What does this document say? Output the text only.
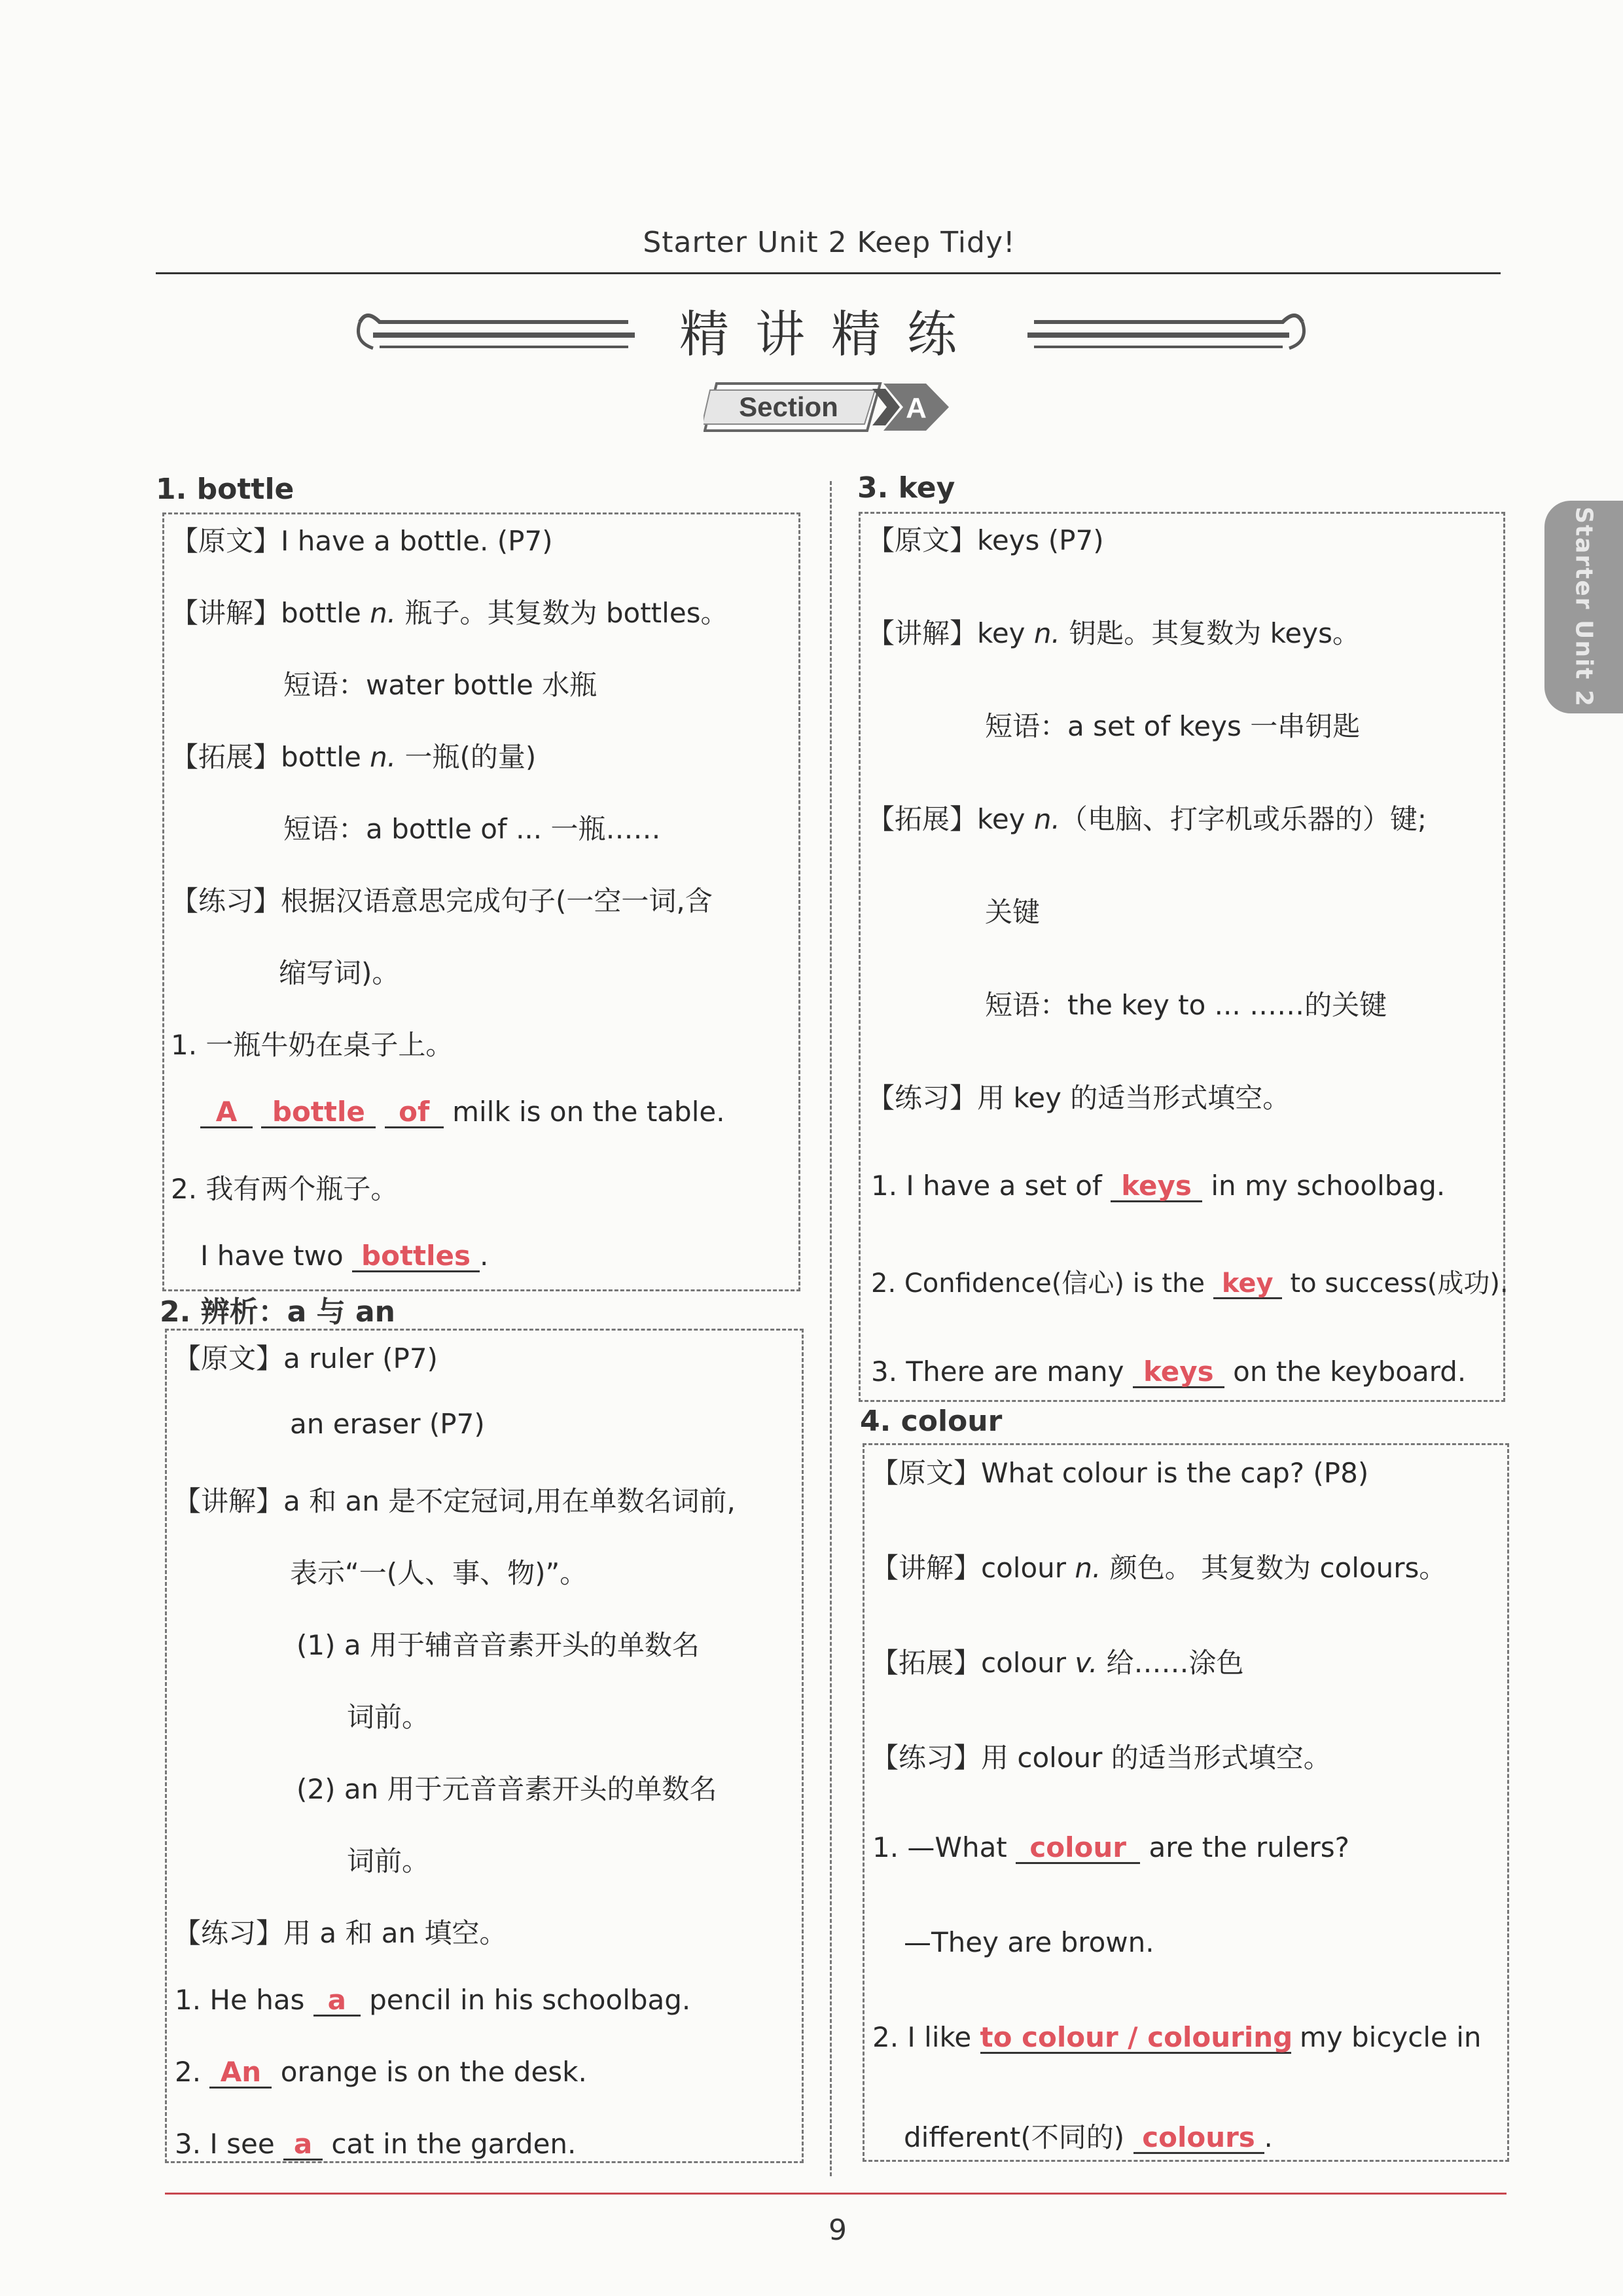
Starter Unit 2 Keep Tidy!
精讲精练
Section A
Starter Unit 2
1. bottle
【原文】I have a bottle. (P7)
【讲解】bottle n. 瓶子。其复数为 bottles。
短语：water bottle 水瓶
【拓展】bottle n. 一瓶(的量)
短语：a bottle of ... 一瓶……
【练习】根据汉语意思完成句子(一空一词,含
缩写词)。
1. 一瓶牛奶在桌子上。
A bottle of milk is on the table.
2. 我有两个瓶子。
I have two bottles .
2. 辨析：a 与 an
【原文】a ruler (P7)
an eraser (P7)
【讲解】a 和 an 是不定冠词,用在单数名词前,
表示“一(人、事、物)”。
(1) a 用于辅音音素开头的单数名
词前。
(2) an 用于元音音素开头的单数名
词前。
【练习】用 a 和 an 填空。
1. He has a pencil in his schoolbag.
2. An orange is on the desk.
3. I see a cat in the garden.
3. key
【原文】keys (P7)
【讲解】key n. 钥匙。其复数为 keys。
短语：a set of keys 一串钥匙
【拓展】key n.（电脑、打字机或乐器的）键;
关键
短语：the key to ... ……的关键
【练习】用 key 的适当形式填空。
1. I have a set of keys in my schoolbag.
2. Confidence(信心) is the key to success(成功).
3. There are many keys on the keyboard.
4. colour
【原文】What colour is the cap? (P8)
【讲解】colour n. 颜色。 其复数为 colours。
【拓展】colour v. 给……涂色
【练习】用 colour 的适当形式填空。
1. —What colour are the rulers?
—They are brown.
2. I like to colour / colouring my bicycle in
different(不同的) colours .
9
